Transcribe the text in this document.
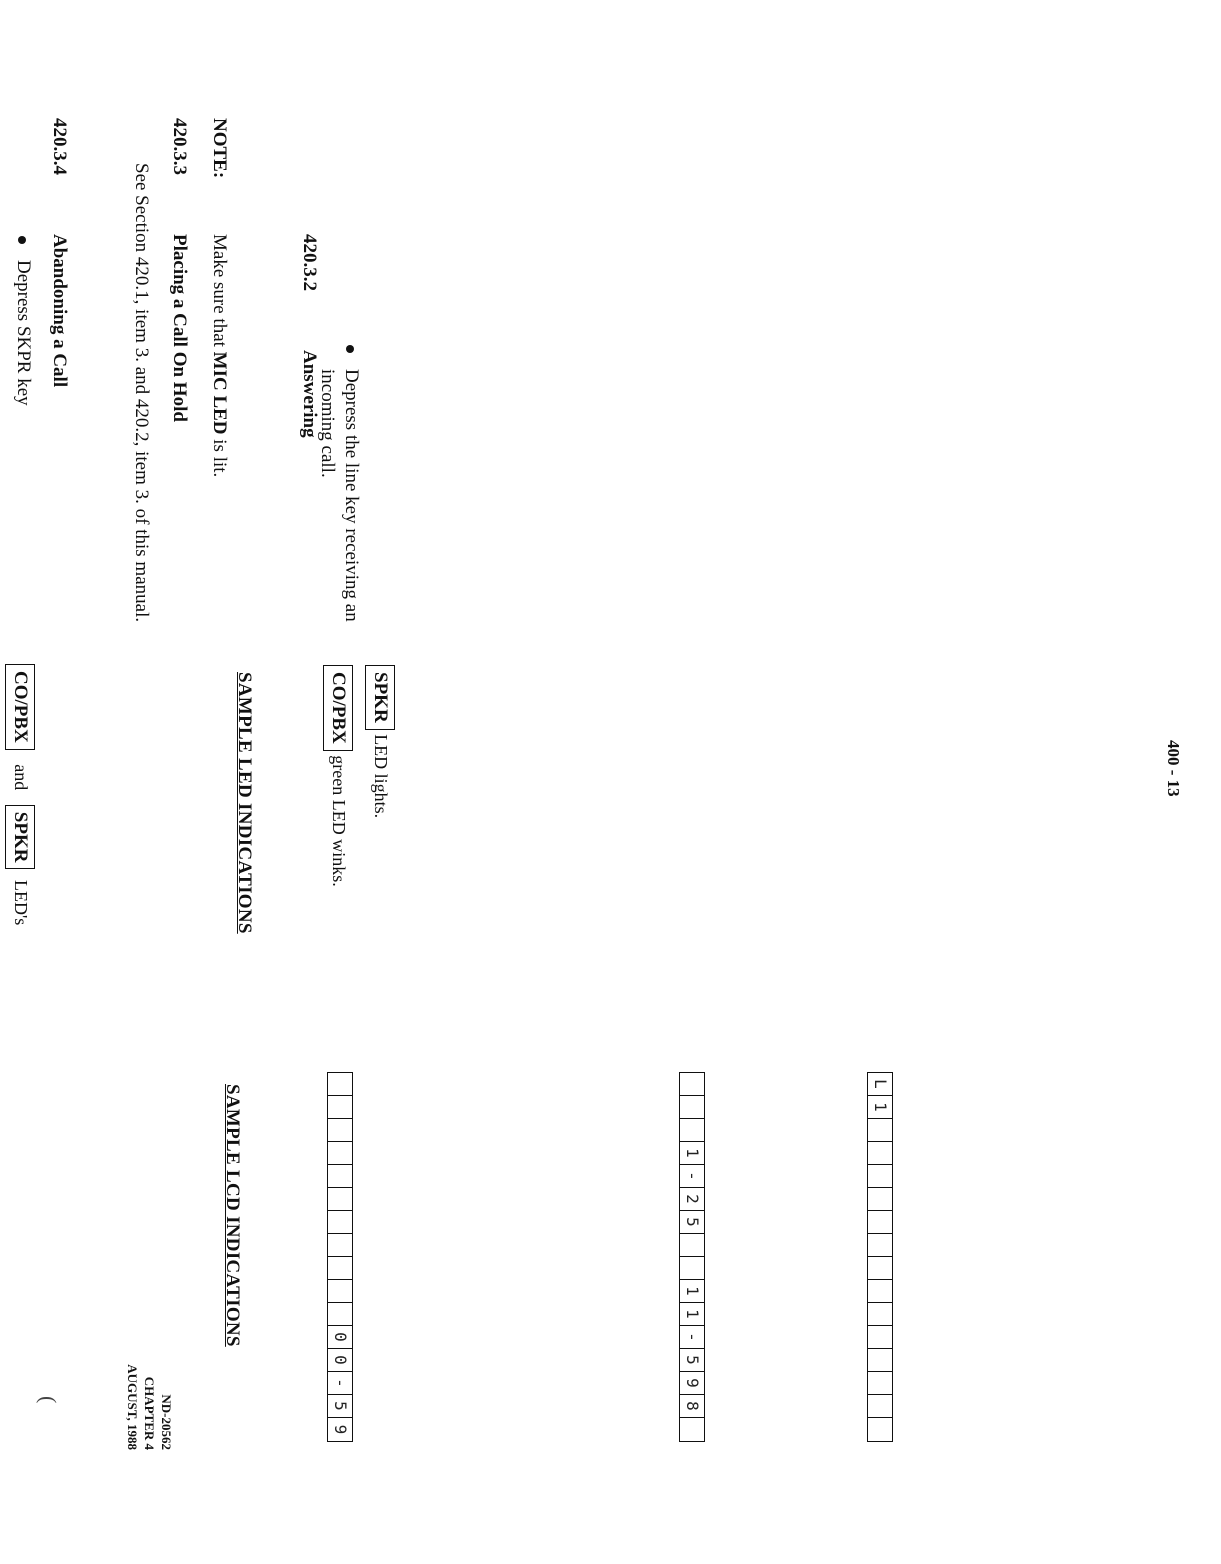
ND-20562
CHAPTER 4
AUGUST, 1988
SAMPLE LED INDICATIONS
SAMPLE LCD INDICATIONS
420.3.2Answering	Depress the line key receiving an incoming call.
CO/PBX green LED winks.
SPKR LED lights.
0
0
-
5
9
NOTE:Make sure that MIC LED is lit.
420.3.3Placing a Call On Hold
See Section 420.1, item 3. and 420.2, item 3. of this manual.
420.3.4Abandoning a Call
Depress SKPR key
CO/PBX and SPKR LED's
1
-
2
5
1
1
-
5
9
8
L
1
400 - 13
(
